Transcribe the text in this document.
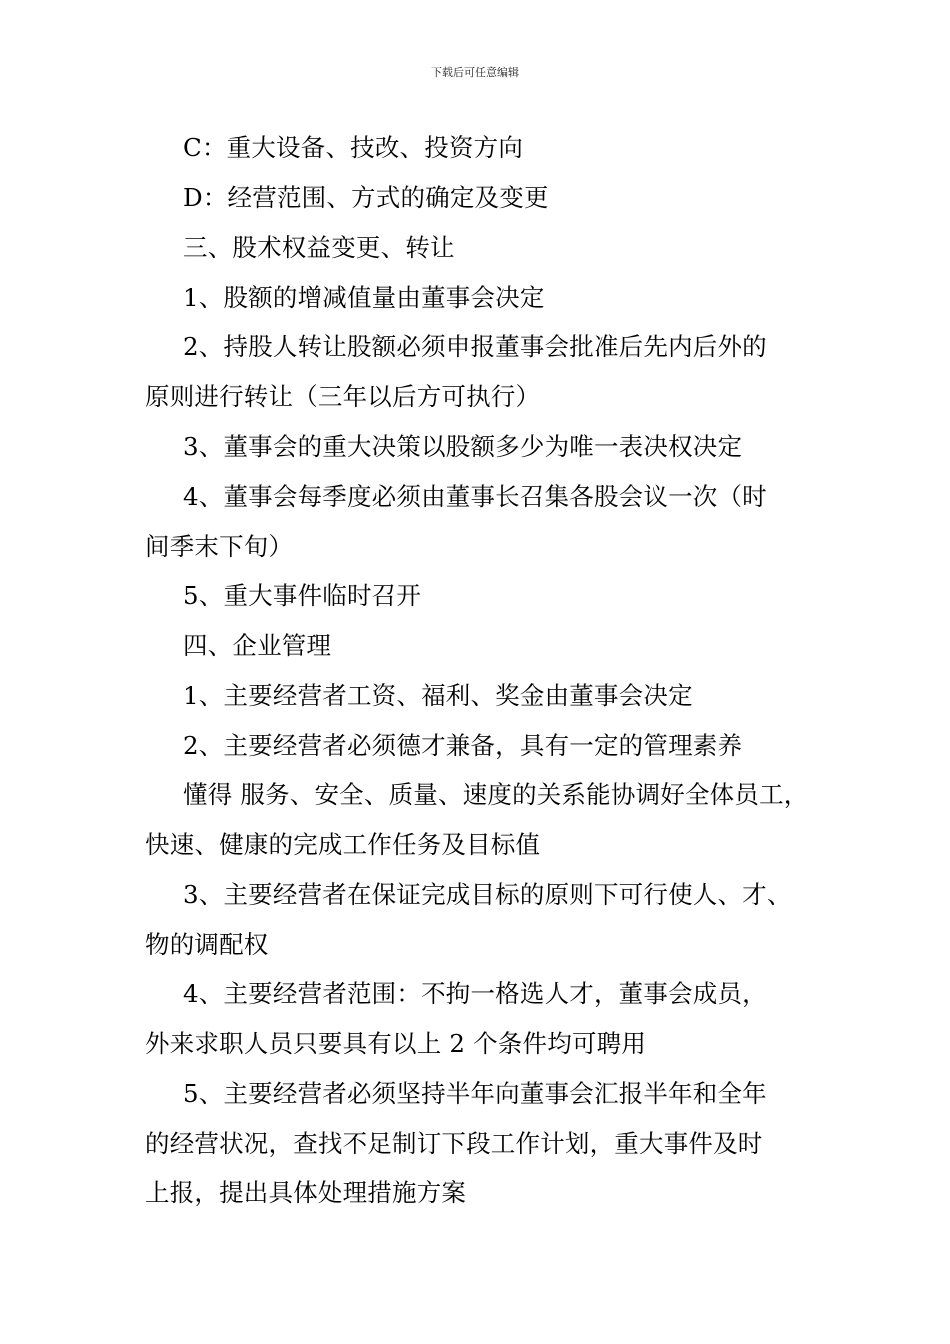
下载后可任意编辑
C：重大设备、技改、投资方向
D：经营范围、方式的确定及变更
三、股术权益变更、转让
1、股额的增减值量由董事会决定
2、持股人转让股额必须申报董事会批准后先内后外的
原则进行转让（三年以后方可执行）
3、董事会的重大决策以股额多少为唯一表决权决定
4、董事会每季度必须由董事长召集各股会议一次（时
间季末下旬）
5、重大事件临时召开
四、企业管理
1、主要经营者工资、福利、奖金由董事会决定
2、主要经营者必须德才兼备，具有一定的管理素养
懂得 服务、安全、质量、速度的关系能协调好全体员工，
快速、健康的完成工作任务及目标值
3、主要经营者在保证完成目标的原则下可行使人、才、
物的调配权
4、主要经营者范围：不拘一格选人才，董事会成员，
外来求职人员只要具有以上 2 个条件均可聘用
5、主要经营者必须坚持半年向董事会汇报半年和全年
的经营状况，查找不足制订下段工作计划，重大事件及时
上报，提出具体处理措施方案
